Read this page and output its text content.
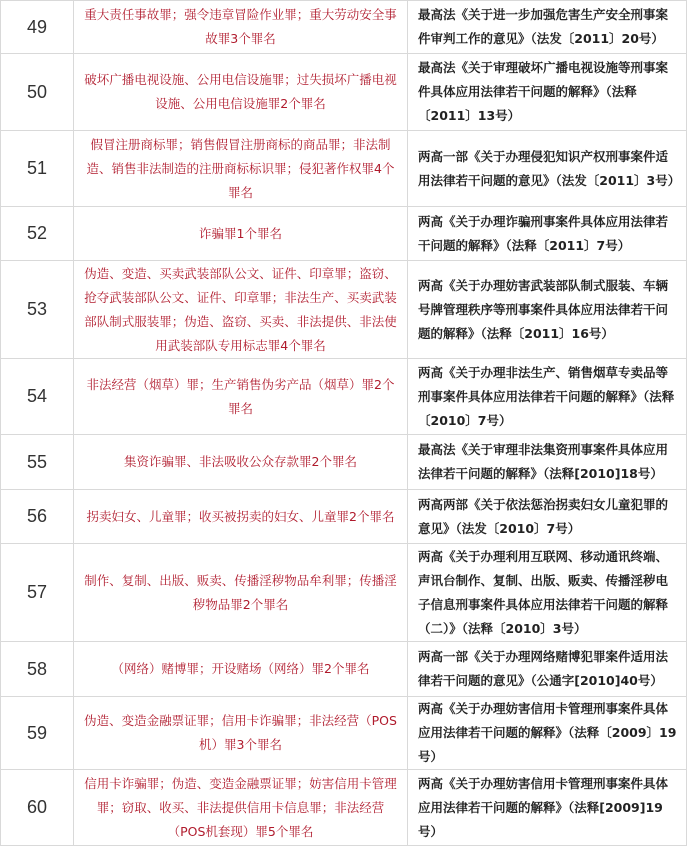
49	重大责任事故罪；强令违章冒险作业罪；重大劳动安全事故罪3个罪名	最高法《关于进一步加强危害生产安全刑事案件审判工作的意见》（法发〔2011〕20号）
50	破坏广播电视设施、公用电信设施罪；过失损坏广播电视设施、公用电信设施罪2个罪名	最高法《关于审理破坏广播电视设施等刑事案件具体应用法律若干问题的解释》（法释〔2011〕13号）
51	假冒注册商标罪；销售假冒注册商标的商品罪；非法制造、销售非法制造的注册商标标识罪；侵犯著作权罪4个罪名	两高一部《关于办理侵犯知识产权刑事案件适用法律若干问题的意见》（法发〔2011〕3号）
52	诈骗罪1个罪名	两高《关于办理诈骗刑事案件具体应用法律若干问题的解释》（法释〔2011〕7号）
53	伪造、变造、买卖武装部队公文、证件、印章罪；盗窃、抢夺武装部队公文、证件、印章罪；非法生产、买卖武装部队制式服装罪；伪造、盗窃、买卖、非法提供、非法使用武装部队专用标志罪4个罪名	两高《关于办理妨害武装部队制式服装、车辆号牌管理秩序等刑事案件具体应用法律若干问题的解释》（法释〔2011〕16号）
54	非法经营（烟草）罪；生产销售伪劣产品（烟草）罪2个罪名	两高《关于办理非法生产、销售烟草专卖品等刑事案件具体应用法律若干问题的解释》（法释〔2010〕7号）
55	集资诈骗罪、非法吸收公众存款罪2个罪名	最高法《关于审理非法集资刑事案件具体应用法律若干问题的解释》（法释[2010]18号）
56	拐卖妇女、儿童罪；收买被拐卖的妇女、儿童罪2个罪名	两高两部《关于依法惩治拐卖妇女儿童犯罪的意见》（法发〔2010〕7号）
57	制作、复制、出版、贩卖、传播淫秽物品牟利罪；传播淫秽物品罪2个罪名	两高《关于办理利用互联网、移动通讯终端、声讯台制作、复制、出版、贩卖、传播淫秽电子信息刑事案件具体应用法律若干问题的解释（二）》（法释〔2010〕3号）
58	（网络）赌博罪；开设赌场（网络）罪2个罪名	两高一部《关于办理网络赌博犯罪案件适用法律若干问题的意见》（公通字[2010]40号）
59	伪造、变造金融票证罪；信用卡诈骗罪；非法经营（POS机）罪3个罪名	两高《关于办理妨害信用卡管理刑事案件具体应用法律若干问题的解释》（法释〔2009〕19号）
60	信用卡诈骗罪；伪造、变造金融票证罪；妨害信用卡管理罪；窃取、收买、非法提供信用卡信息罪；非法经营（POS机套现）罪5个罪名	两高《关于办理妨害信用卡管理刑事案件具体应用法律若干问题的解释》（法释[2009]19号）
